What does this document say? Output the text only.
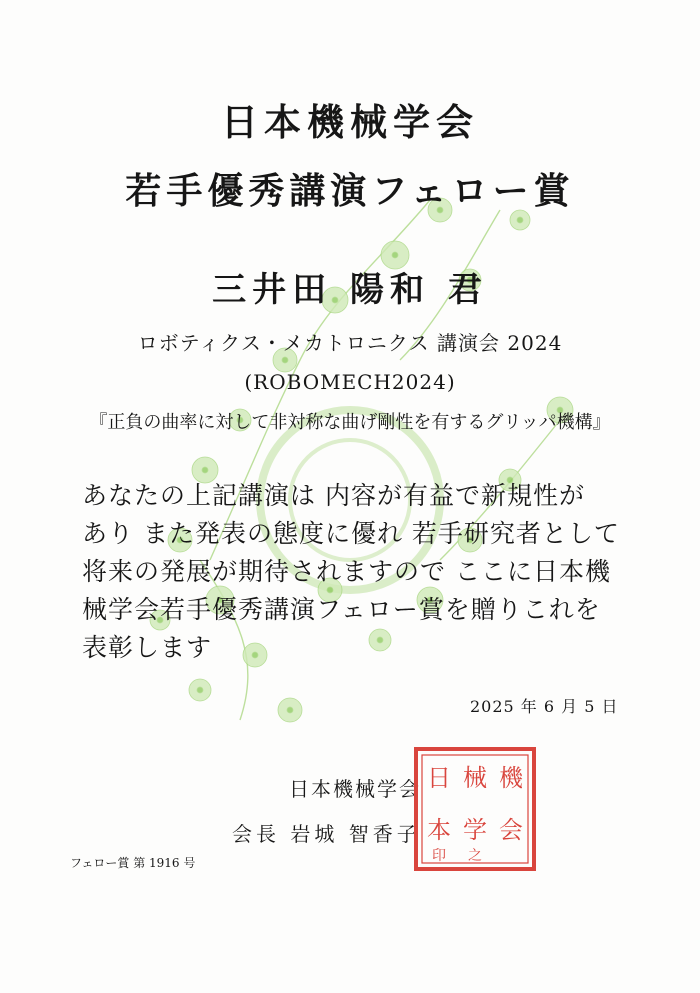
日本機械学会
若手優秀講演フェロー賞
三井田 陽和 君
ロボティクス・メカトロニクス 講演会 2024
(ROBOMECH2024)
『正負の曲率に対して非対称な曲げ剛性を有するグリッパ機構』

あなたの上記講演は 内容が有益で新規性が

あり また発表の態度に優れ 若手研究者として

将来の発展が期待されますので ここに日本機

械学会若手優秀講演フェロー賞を贈りこれを

表彰します

2025 年 6 月 5 日
日本機械学会
会長 岩城 智香子
フェロー賞 第 1916 号
機
会
械
学
日
本
之
印
